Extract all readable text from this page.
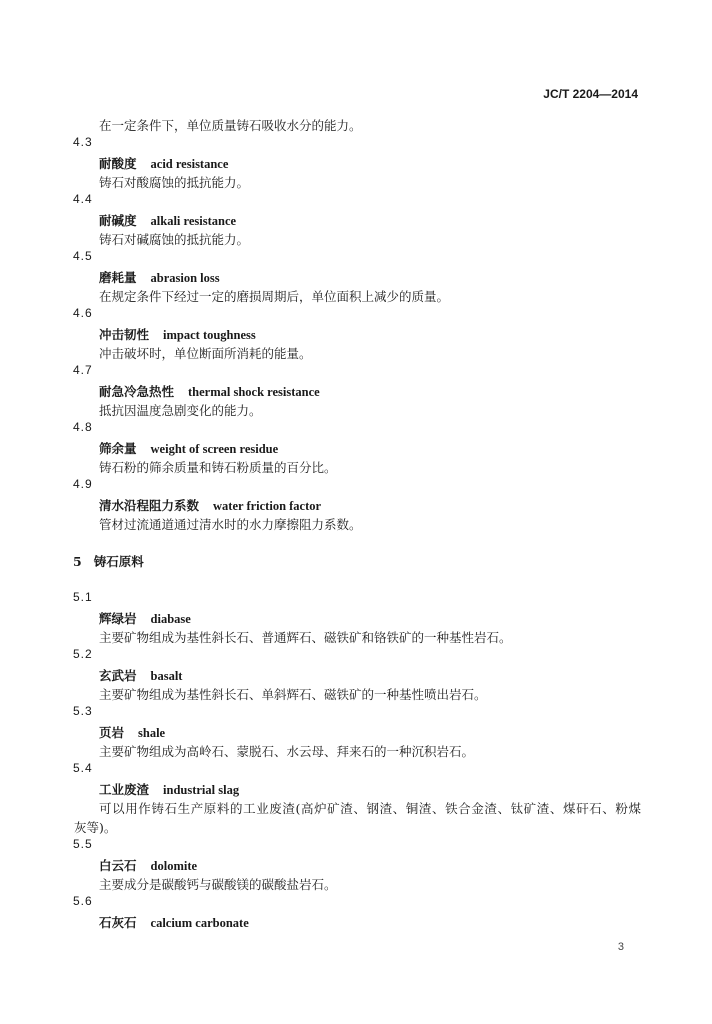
JC/T 2204—2014
在一定条件下，单位质量铸石吸收水分的能力。
4.3
耐酸度 acid resistance
铸石对酸腐蚀的抵抗能力。
4.4
耐碱度 alkali resistance
铸石对碱腐蚀的抵抗能力。
4.5
磨耗量 abrasion loss
在规定条件下经过一定的磨损周期后，单位面积上减少的质量。
4.6
冲击韧性 impact toughness
冲击破坏时，单位断面所消耗的能量。
4.7
耐急冷急热性 thermal shock resistance
抵抗因温度急剧变化的能力。
4.8
筛余量 weight of screen residue
铸石粉的筛余质量和铸石粉质量的百分比。
4.9
清水沿程阻力系数 water friction factor
管材过流通道通过清水时的水力摩擦阻力系数。
5 铸石原料
5.1
辉绿岩 diabase
主要矿物组成为基性斜长石、普通辉石、磁铁矿和铬铁矿的一种基性岩石。
5.2
玄武岩 basalt
主要矿物组成为基性斜长石、单斜辉石、磁铁矿的一种基性喷出岩石。
5.3
页岩 shale
主要矿物组成为高岭石、蒙脱石、水云母、拜来石的一种沉积岩石。
5.4
工业废渣 industrial slag
可以用作铸石生产原料的工业废渣(高炉矿渣、钢渣、铜渣、铁合金渣、钛矿渣、煤矸石、粉煤
灰等)。
5.5
白云石 dolomite
主要成分是碳酸钙与碳酸镁的碳酸盐岩石。
5.6
石灰石 calcium carbonate
3
